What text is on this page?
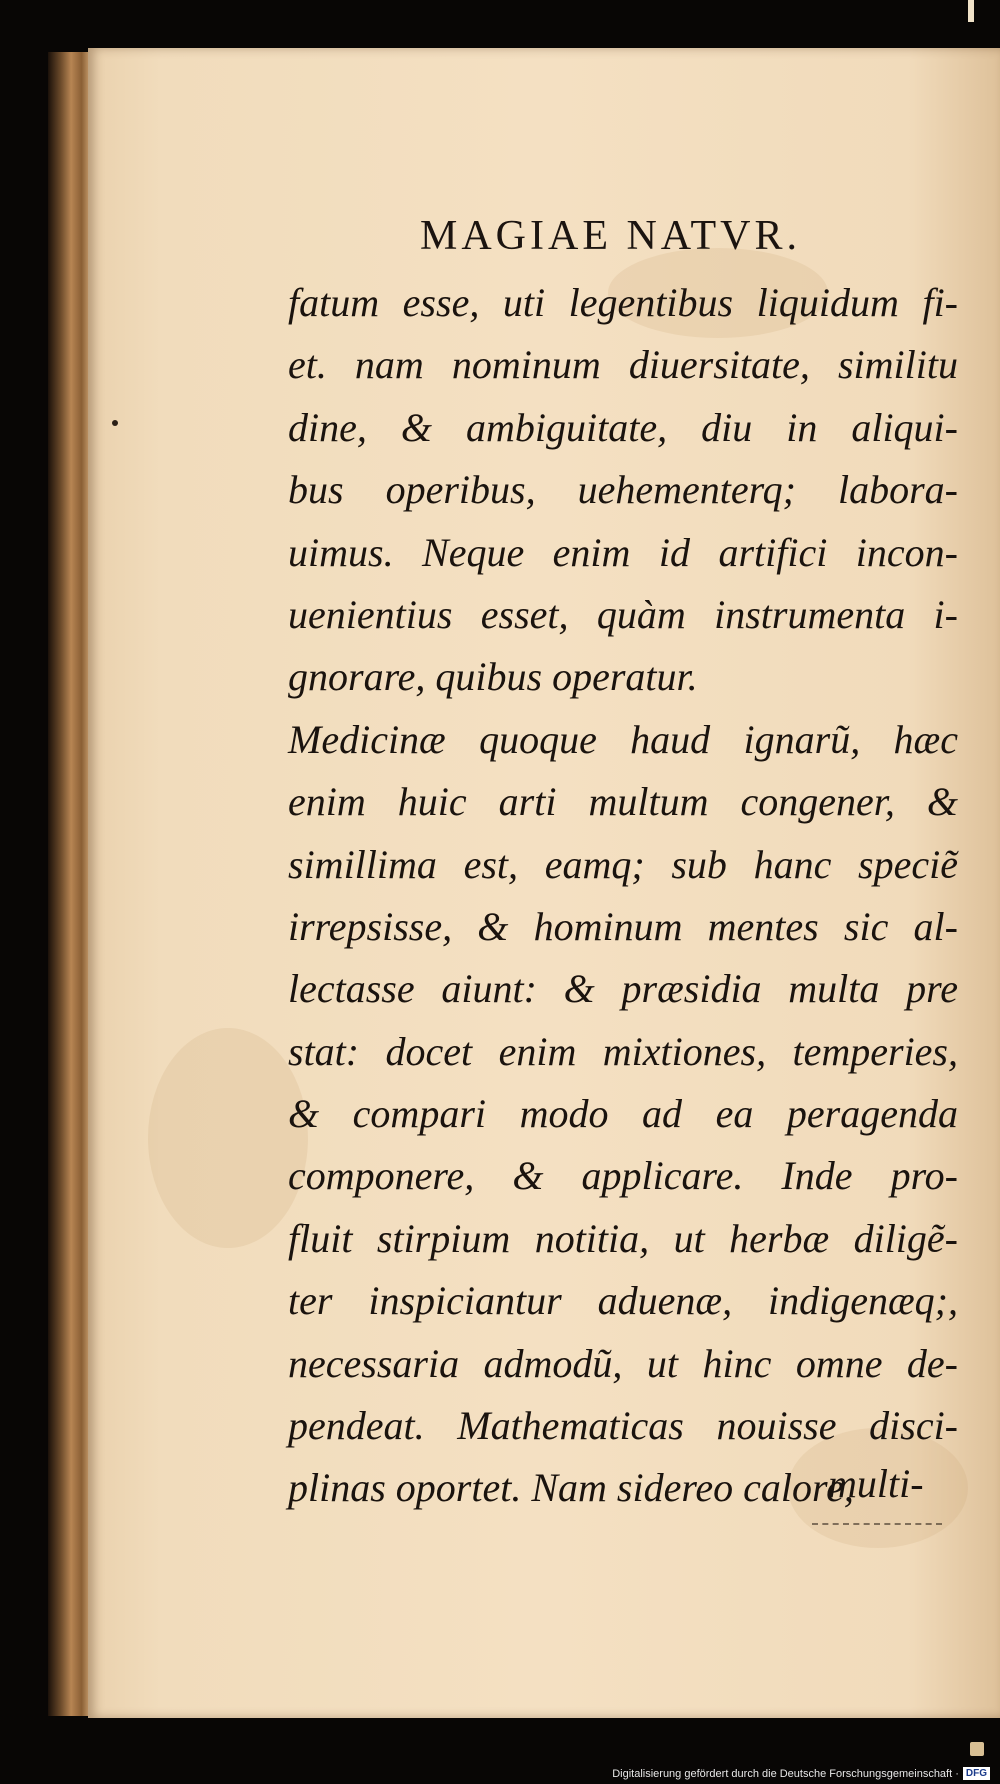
MAGIAE NATVR.
fatum esse, uti legentibus liquidum fi-
et. nam nominum diuersitate, similitu
dine, & ambiguitate, diu in aliqui-
bus operibus, uehementerq; labora-
uimus. Neque enim id artifici incon-
uenientius esset, quàm instrumenta i-
gnorare, quibus operatur.
Medicinæ quoque haud ignarũ, hæc
enim huic arti multum congener, &
simillima est, eamq; sub hanc speciẽ
irrepsisse, & hominum mentes sic al-
lectasse aiunt: & præsidia multa pre
stat: docet enim mixtiones, temperies,
& compari modo ad ea peragenda
componere, & applicare. Inde pro-
fluit stirpium notitia, ut herbæ diligẽ-
ter inspiciantur aduenæ, indigenæq;,
necessaria admodũ, ut hinc omne de-
pendeat. Mathematicas nouisse disci-
plinas oportet. Nam sidereo calore,
multi-
Digitalisierung gefördert durch die Deutsche Forschungsgemeinschaft · DFG
